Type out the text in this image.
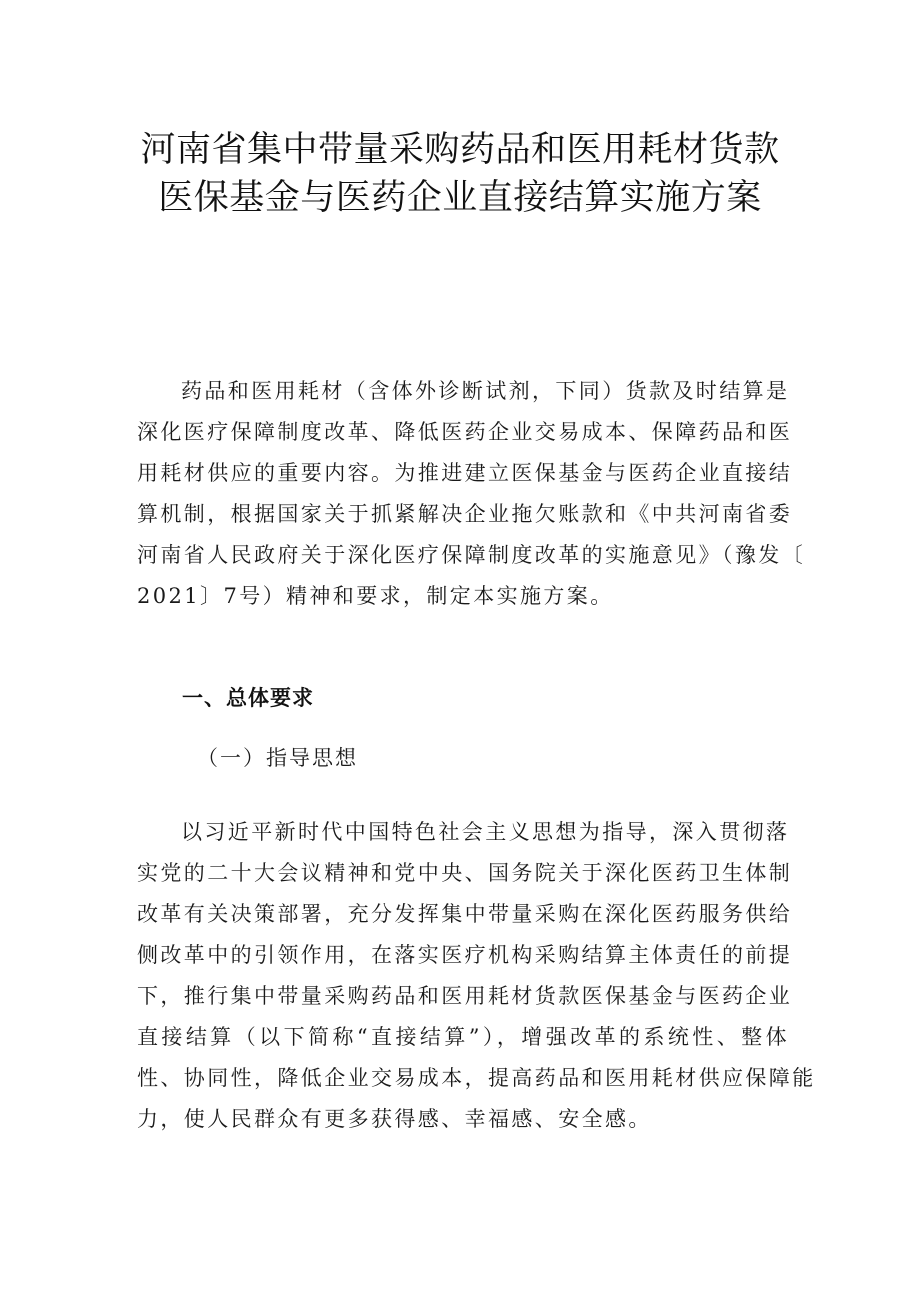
河南省集中带量采购药品和医用耗材货款
医保基金与医药企业直接结算实施方案
药品和医用耗材（含体外诊断试剂，下同）货款及时结算是
深化医疗保障制度改革、降低医药企业交易成本、保障药品和医
用耗材供应的重要内容。为推进建立医保基金与医药企业直接结
算机制，根据国家关于抓紧解决企业拖欠账款和《中共河南省委
河南省人民政府关于深化医疗保障制度改革的实施意见》（豫发〔
2021〕7号）精神和要求，制定本实施方案。
一、总体要求
（一）指导思想
以习近平新时代中国特色社会主义思想为指导，深入贯彻落
实党的二十大会议精神和党中央、国务院关于深化医药卫生体制
改革有关决策部署，充分发挥集中带量采购在深化医药服务供给
侧改革中的引领作用，在落实医疗机构采购结算主体责任的前提
下，推行集中带量采购药品和医用耗材货款医保基金与医药企业
直接结算（以下简称“直接结算”），增强改革的系统性、整体
性、协同性，降低企业交易成本，提高药品和医用耗材供应保障能
力，使人民群众有更多获得感、幸福感、安全感。
